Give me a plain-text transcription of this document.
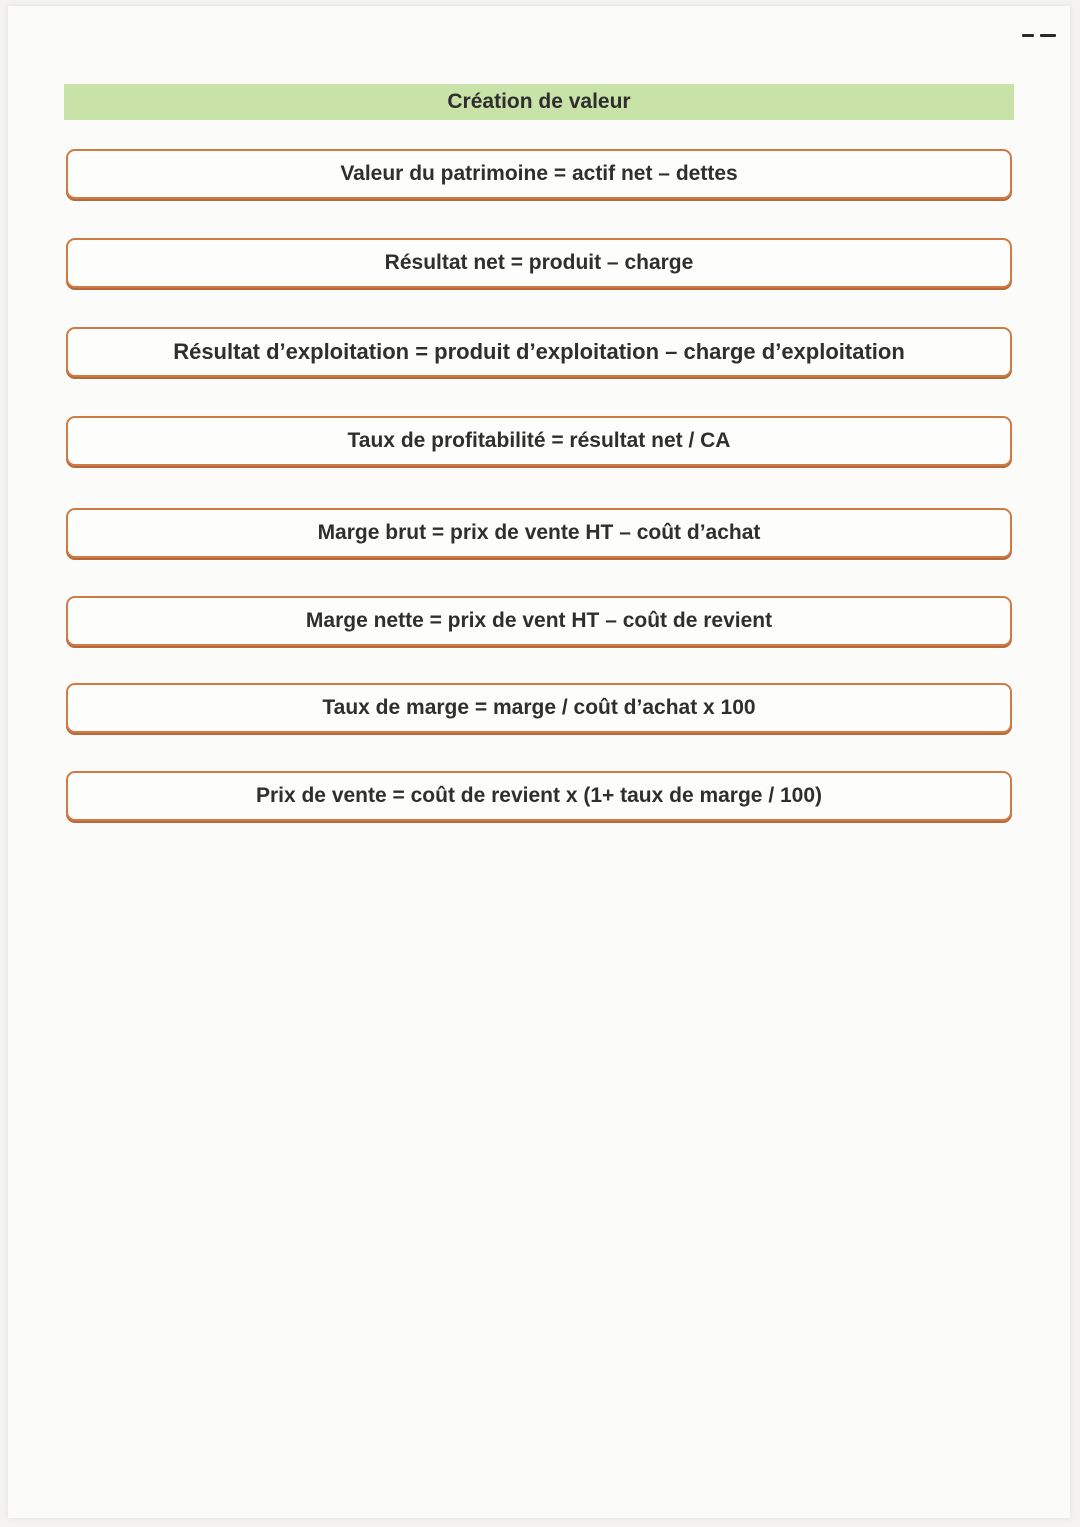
Création de valeur
Valeur du patrimoine = actif net – dettes
Résultat net = produit – charge
Résultat d’exploitation = produit d’exploitation – charge d’exploitation
Taux de profitabilité = résultat net / CA
Marge brut = prix de vente HT – coût d’achat
Marge nette = prix de vent HT – coût de revient
Taux de marge = marge / coût d’achat x 100
Prix de vente = coût de revient x (1+ taux de marge / 100)
